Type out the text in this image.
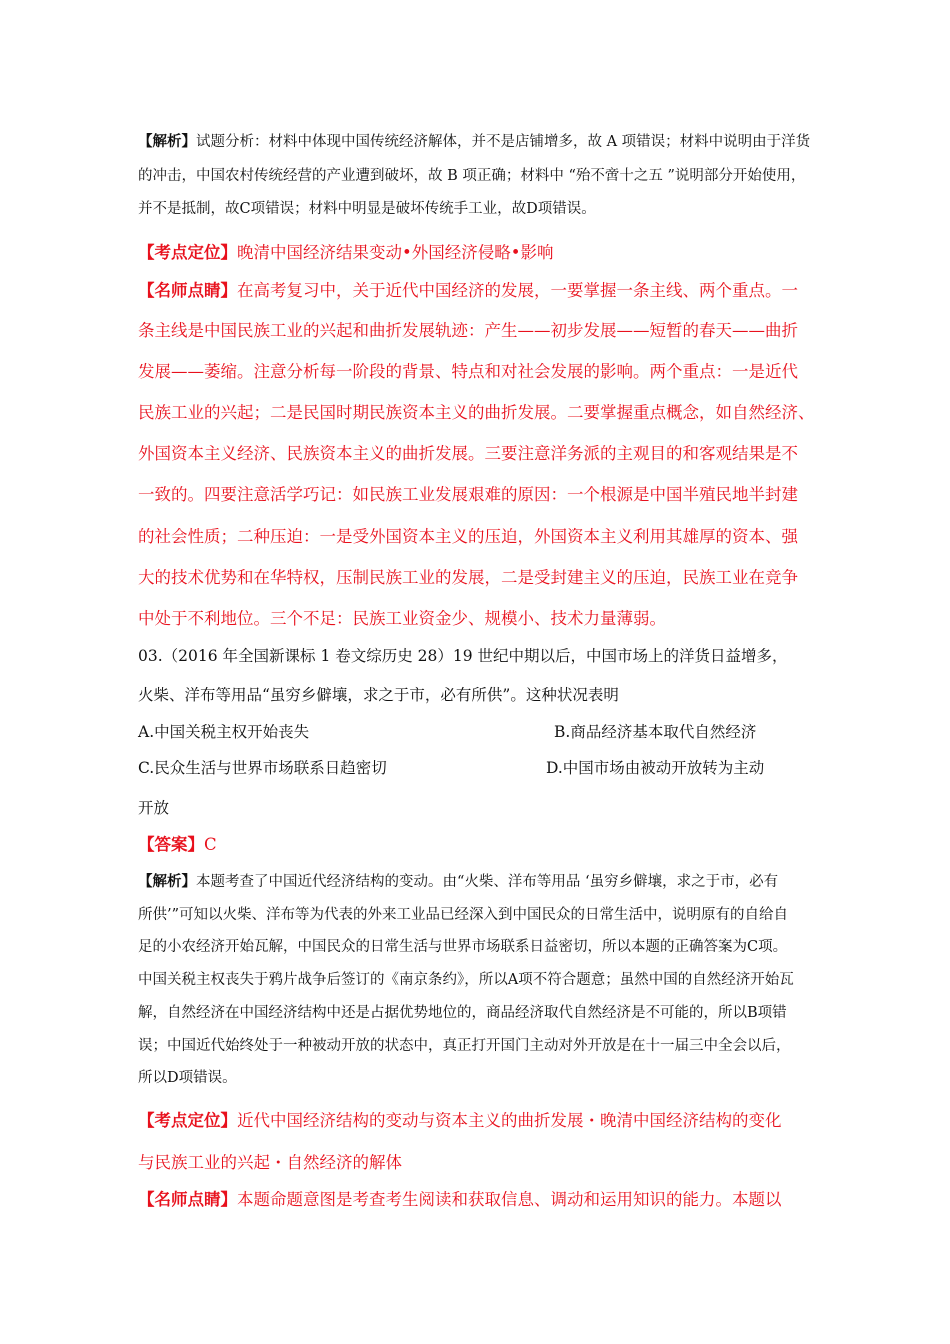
【解析】试题分析：材料中体现中国传统经济解体，并不是店铺增多，故 A 项错误；材料中说明由于洋货
的冲击，中国农村传统经营的产业遭到破坏，故 B 项正确；材料中 “殆不啻十之五 ”说明部分开始使用，
并不是抵制，故C项错误；材料中明显是破坏传统手工业，故D项错误。
【考点定位】晚清中国经济结果变动•外国经济侵略•影响
【名师点睛】在高考复习中，关于近代中国经济的发展，一要掌握一条主线、两个重点。一
条主线是中国民族工业的兴起和曲折发展轨迹：产生——初步发展——短暂的春天——曲折
发展——萎缩。注意分析每一阶段的背景、特点和对社会发展的影响。两个重点：一是近代
民族工业的兴起；二是民国时期民族资本主义的曲折发展。二要掌握重点概念，如自然经济、
外国资本主义经济、民族资本主义的曲折发展。三要注意洋务派的主观目的和客观结果是不
一致的。四要注意活学巧记：如民族工业发展艰难的原因：一个根源是中国半殖民地半封建
的社会性质；二种压迫：一是受外国资本主义的压迫，外国资本主义利用其雄厚的资本、强
大的技术优势和在华特权，压制民族工业的发展，二是受封建主义的压迫，民族工业在竞争
中处于不利地位。三个不足：民族工业资金少、规模小、技术力量薄弱。
03.（2016 年全国新课标 1 卷文综历史 28）19 世纪中期以后，中国市场上的洋货日益增多，
火柴、洋布等用品“虽穷乡僻壤，求之于市，必有所供”。这种状况表明
A.中国关税主权开始丧失	B.商品经济基本取代自然经济
C.民众生活与世界市场联系日趋密切	D.中国市场由被动开放转为主动
开放
【答案】C
【解析】本题考查了中国近代经济结构的变动。由“火柴、洋布等用品 ‘虽穷乡僻壤，求之于市，必有
所供’”可知以火柴、洋布等为代表的外来工业品已经深入到中国民众的日常生活中，说明原有的自给自
足的小农经济开始瓦解，中国民众的日常生活与世界市场联系日益密切，所以本题的正确答案为C项。
中国关税主权丧失于鸦片战争后签订的《南京条约》，所以A项不符合题意；虽然中国的自然经济开始瓦
解，自然经济在中国经济结构中还是占据优势地位的，商品经济取代自然经济是不可能的，所以B项错
误；中国近代始终处于一种被动开放的状态中，真正打开国门主动对外开放是在十一届三中全会以后，
所以D项错误。
【考点定位】近代中国经济结构的变动与资本主义的曲折发展・晚清中国经济结构的变化
与民族工业的兴起・自然经济的解体
【名师点睛】本题命题意图是考查考生阅读和获取信息、调动和运用知识的能力。本题以
